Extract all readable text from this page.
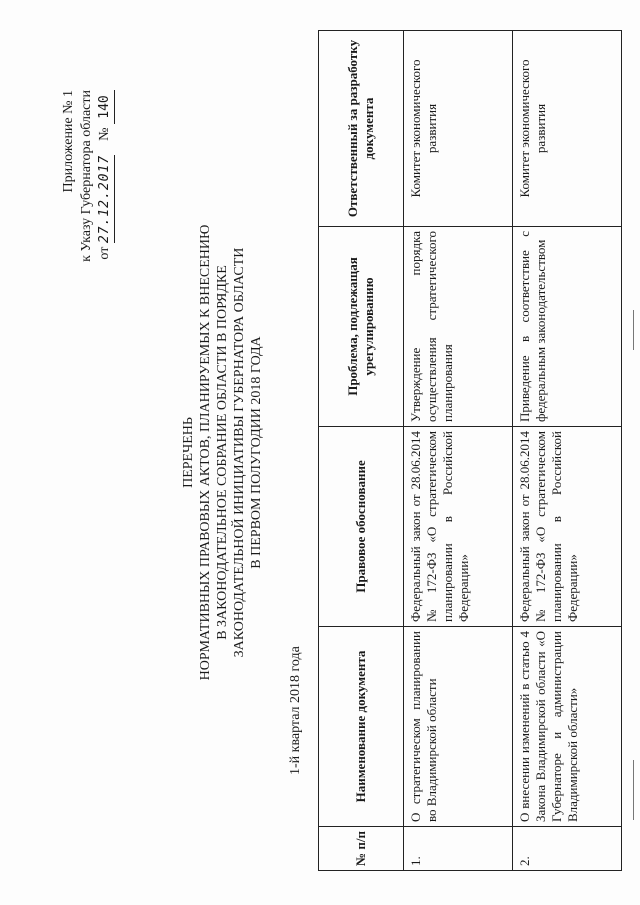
Приложение № 1 к Указу Губернатора области от 27.12.2017    № 140
ПЕРЕЧЕНЬ НОРМАТИВНЫХ ПРАВОВЫХ АКТОВ, ПЛАНИРУЕМЫХ К ВНЕСЕНИЮ В ЗАКОНОДАТЕЛЬНОЕ СОБРАНИЕ ОБЛАСТИ В ПОРЯДКЕ ЗАКОНОДАТЕЛЬНОЙ ИНИЦИАТИВЫ ГУБЕРНАТОРА ОБЛАСТИ В ПЕРВОМ ПОЛУГОДИИ 2018 ГОДА
1-й квартал 2018 года
№ п/п	Наименование документа	Правовое обоснование	Проблема, подлежащая урегулированию	Ответственный за разработку документа
1.	О стратегическом планировании во Владимирской области	Федеральный закон от 28.06.2014 № 172-ФЗ «О стратегическом планировании в Российской Федерации»	Утверждение порядка осуществления стратегического планирования	Комитет экономического развития
2.	О внесении изменений в статью 4 Закона Владимирской области «О Губернаторе и администрации Владимирской области»	Федеральный закон от 28.06.2014 № 172-ФЗ «О стратегическом планировании в Российской Федерации»	Приведение в соответствие с федеральным законодательством	Комитет экономического развития
